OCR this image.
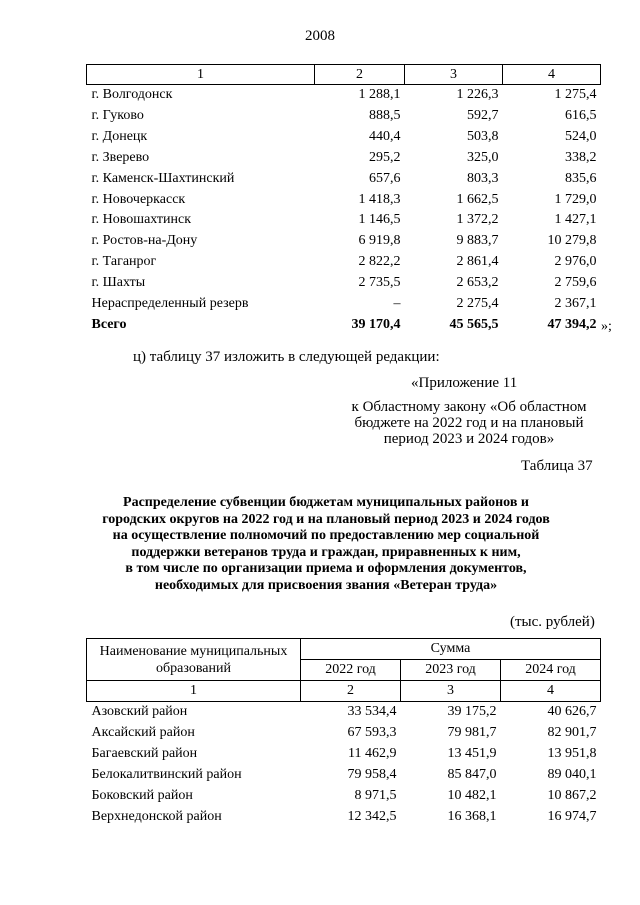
2008
1	2	3	4
г. Волгодонск	1 288,1	1 226,3	1 275,4
г. Гуково	888,5	592,7	616,5
г. Донецк	440,4	503,8	524,0
г. Зверево	295,2	325,0	338,2
г. Каменск-Шахтинский	657,6	803,3	835,6
г. Новочеркасск	1 418,3	1 662,5	1 729,0
г. Новошахтинск	1 146,5	1 372,2	1 427,1
г. Ростов-на-Дону	6 919,8	9 883,7	10 279,8
г. Таганрог	2 822,2	2 861,4	2 976,0
г. Шахты	2 735,5	2 653,2	2 759,6
Нераспределенный резерв	–	2 275,4	2 367,1
Всего	39 170,4	45 565,5	47 394,2 »;
ц) таблицу 37 изложить в следующей редакции:
«Приложение 11
к Областному закону «Об областном
бюджете на 2022 год и на плановый
период 2023 и 2024 годов»
Таблица 37
Распределение субвенции бюджетам муниципальных районов и
городских округов на 2022 год и на плановый период 2023 и 2024 годов
на осуществление полномочий по предоставлению мер социальной
поддержки ветеранов труда и граждан, приравненных к ним,
в том числе по организации приема и оформления документов,
необходимых для присвоения звания «Ветеран труда»
(тыс. рублей)
Наименование муниципальных образований	Сумма		
	2022 год	2023 год	2024 год
1	2	3	4
Азовский район	33 534,4	39 175,2	40 626,7
Аксайский район	67 593,3	79 981,7	82 901,7
Багаевский район	11 462,9	13 451,9	13 951,8
Белокалитвинский район	79 958,4	85 847,0	89 040,1
Боковский район	8 971,5	10 482,1	10 867,2
Верхнедонской район	12 342,5	16 368,1	16 974,7
